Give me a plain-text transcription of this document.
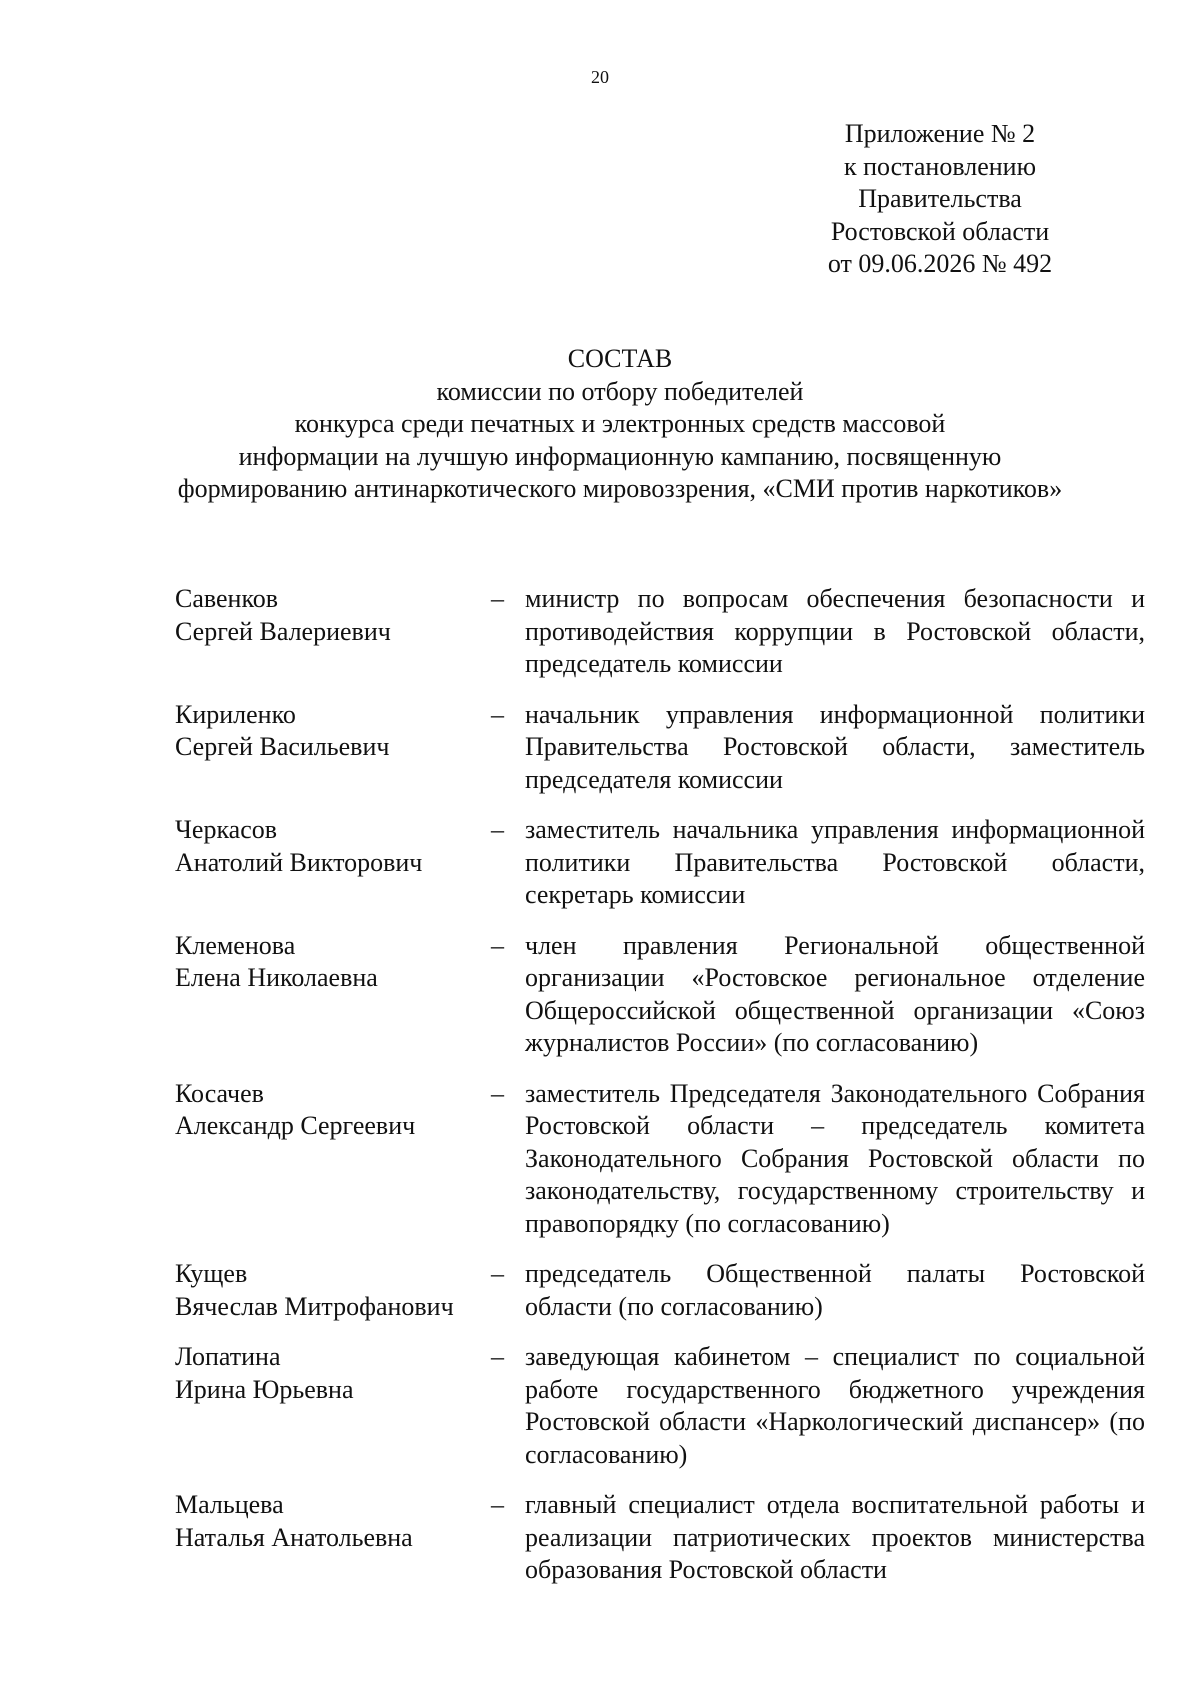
20
Приложение № 2
к постановлению
Правительства
Ростовской области
от 09.06.2026 № 492
СОСТАВ
комиссии по отбору победителей
конкурса среди печатных и электронных средств массовой
информации на лучшую информационную кампанию, посвященную
формированию антинаркотического мировоззрения, «СМИ против наркотиков»
Савенков
Сергей Валериевич
– министр по вопросам обеспечения безопасности и противодействия коррупции в Ростовской области, председатель комиссии
Кириленко
Сергей Васильевич
– начальник управления информационной политики Правительства Ростовской области, заместитель председателя комиссии
Черкасов
Анатолий Викторович
– заместитель начальника управления информационной политики Правительства Ростовской области, секретарь комиссии
Клеменова
Елена Николаевна
– член правления Региональной общественной организации «Ростовское региональное отделение Общероссийской общественной организации «Союз журналистов России» (по согласованию)
Косачев
Александр Сергеевич
– заместитель Председателя Законодательного Собрания Ростовской области – председатель комитета Законодательного Собрания Ростовской области по законодательству, государственному строительству и правопорядку (по согласованию)
Кущев
Вячеслав Митрофанович
– председатель Общественной палаты Ростовской области (по согласованию)
Лопатина
Ирина Юрьевна
– заведующая кабинетом – специалист по социальной работе государственного бюджетного учреждения Ростовской области «Наркологический диспансер» (по согласованию)
Мальцева
Наталья Анатольевна
– главный специалист отдела воспитательной работы и реализации патриотических проектов министерства образования Ростовской области
